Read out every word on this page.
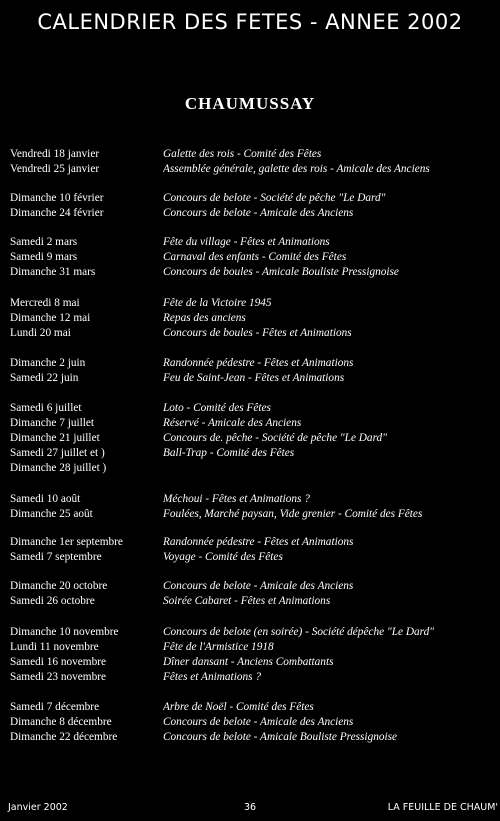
CALENDRIER DES FETES - ANNEE 2002
CHAUMUSSAY
Vendredi 18 janvier	Galette des rois - Comité des Fêtes
Vendredi 25 janvier	Assemblée générale, galette des rois - Amicale des Anciens
Dimanche 10 février	Concours de belote - Société de pêche "Le Dard"
Dimanche 24 février	Concours de belote - Amicale des Anciens
Samedi 2 mars	Fête du village - Fêtes et Animations
Samedi 9 mars	Carnaval des enfants - Comité des Fêtes
Dimanche 31 mars	Concours de boules - Amicale Bouliste Pressignoise
Mercredi 8 mai	Fête de la Victoire 1945
Dimanche 12 mai	Repas des anciens
Lundi 20 mai	Concours de boules - Fêtes et Animations
Dimanche 2 juin	Randonnée pédestre - Fêtes et Animations
Samedi 22 juin	Feu de Saint-Jean - Fêtes et Animations
Samedi 6 juillet	Loto - Comité des Fêtes
Dimanche 7 juillet	Réservé - Amicale des Anciens
Dimanche 21 juillet	Concours de. pêche - Société de pêche "Le Dard"
Samedi 27 juillet et )	Ball-Trap - Comité des Fêtes
Dimanche 28 juillet )
Samedi 10 août	Méchoui - Fêtes et Animations ?
Dimanche 25 août	Foulées, Marché paysan, Vide grenier - Comité des Fêtes
Dimanche 1er septembre	Randonnée pédestre - Fêtes et Animations
Samedi 7 septembre	Voyage - Comité des Fêtes
Dimanche 20 octobre	Concours de belote - Amicale des Anciens
Samedi 26 octobre	Soirée Cabaret - Fêtes et Animations
Dimanche 10 novembre	Concours de belote (en soirée) - Société dépêche "Le Dard"
Lundi 11 novembre	Fête de l'Armistice 1918
Samedi 16 novembre	Dîner dansant - Anciens Combattants
Samedi 23 novembre	Fêtes et Animations ?
Samedi 7 décembre	Arbre de Noël - Comité des Fêtes
Dimanche 8 décembre	Concours de belote - Amicale des Anciens
Dimanche 22 décembre	Concours de belote - Amicale Bouliste Pressignoise
Janvier 2002	36	LA FEUILLE DE CHAUM'
